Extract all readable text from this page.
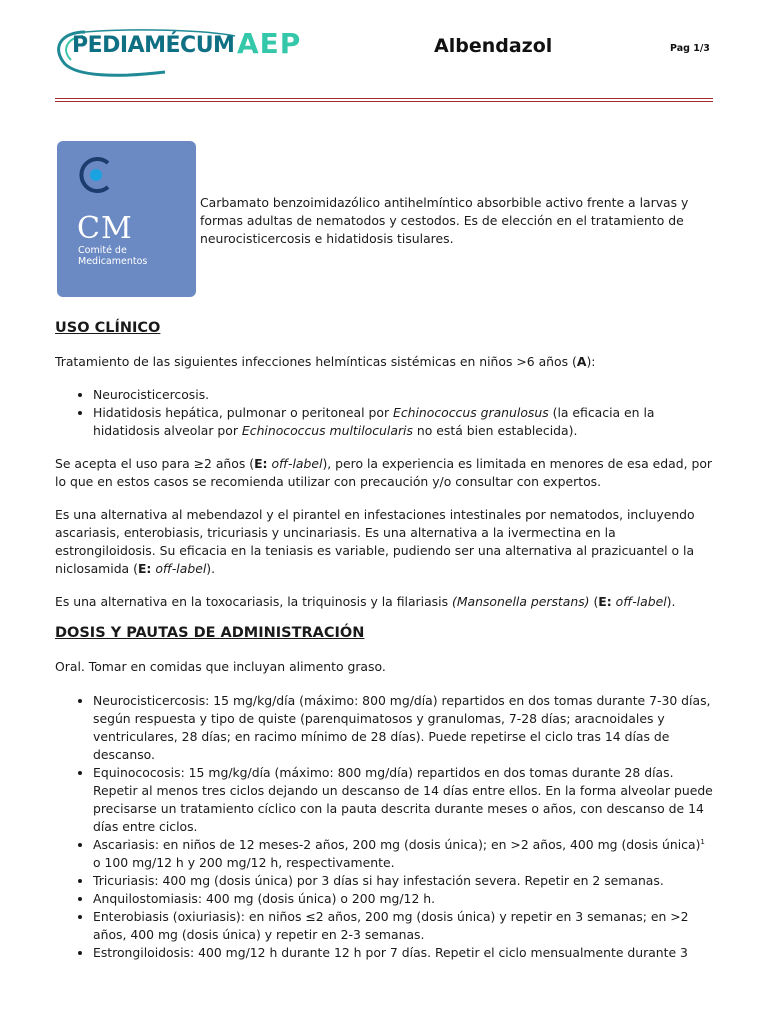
PEDIAMÉCUM AEP	Albendazol	Pag 1/3
CM
Comité de
Medicamentos

Carbamato benzoimidazólico antihelmíntico absorbible activo frente a larvas y formas adultas de nematodos y cestodos. Es de elección en el tratamiento de neurocisticercosis e hidatidosis tisulares.

USO CLÍNICO

Tratamiento de las siguientes infecciones helmínticas sistémicas en niños >6 años (A):

• Neurocisticercosis.
• Hidatidosis hepática, pulmonar o peritoneal por Echinococcus granulosus (la eficacia en la hidatidosis alveolar por Echinococcus multilocularis no está bien establecida).

Se acepta el uso para ≥2 años (E: off-label), pero la experiencia es limitada en menores de esa edad, por lo que en estos casos se recomienda utilizar con precaución y/o consultar con expertos.

Es una alternativa al mebendazol y el pirantel en infestaciones intestinales por nematodos, incluyendo ascariasis, enterobiasis, tricuriasis y uncinariasis. Es una alternativa a la ivermectina en la estrongiloidosis. Su eficacia en la teniasis es variable, pudiendo ser una alternativa al prazicuantel o la niclosamida (E: off-label).

Es una alternativa en la toxocariasis, la triquinosis y la filariasis (Mansonella perstans) (E: off-label).

DOSIS Y PAUTAS DE ADMINISTRACIÓN

Oral. Tomar en comidas que incluyan alimento graso.

• Neurocisticercosis: 15 mg/kg/día (máximo: 800 mg/día) repartidos en dos tomas durante 7-30 días, según respuesta y tipo de quiste (parenquimatosos y granulomas, 7-28 días; aracnoidales y ventriculares, 28 días; en racimo mínimo de 28 días). Puede repetirse el ciclo tras 14 días de descanso.
• Equinococosis: 15 mg/kg/día (máximo: 800 mg/día) repartidos en dos tomas durante 28 días. Repetir al menos tres ciclos dejando un descanso de 14 días entre ellos. En la forma alveolar puede precisarse un tratamiento cíclico con la pauta descrita durante meses o años, con descanso de 14 días entre ciclos.
• Ascariasis: en niños de 12 meses-2 años, 200 mg (dosis única); en >2 años, 400 mg (dosis única)$^1$ o 100 mg/12 h y 200 mg/12 h, respectivamente.
• Tricuriasis: 400 mg (dosis única) por 3 días si hay infestación severa. Repetir en 2 semanas.
• Anquilostomiasis: 400 mg (dosis única) o 200 mg/12 h.
• Enterobiasis (oxiuriasis): en niños ≤2 años, 200 mg (dosis única) y repetir en 3 semanas; en >2 años, 400 mg (dosis única) y repetir en 2-3 semanas.
• Estrongiloidosis: 400 mg/12 h durante 12 h por 7 días. Repetir el ciclo mensualmente durante 3
